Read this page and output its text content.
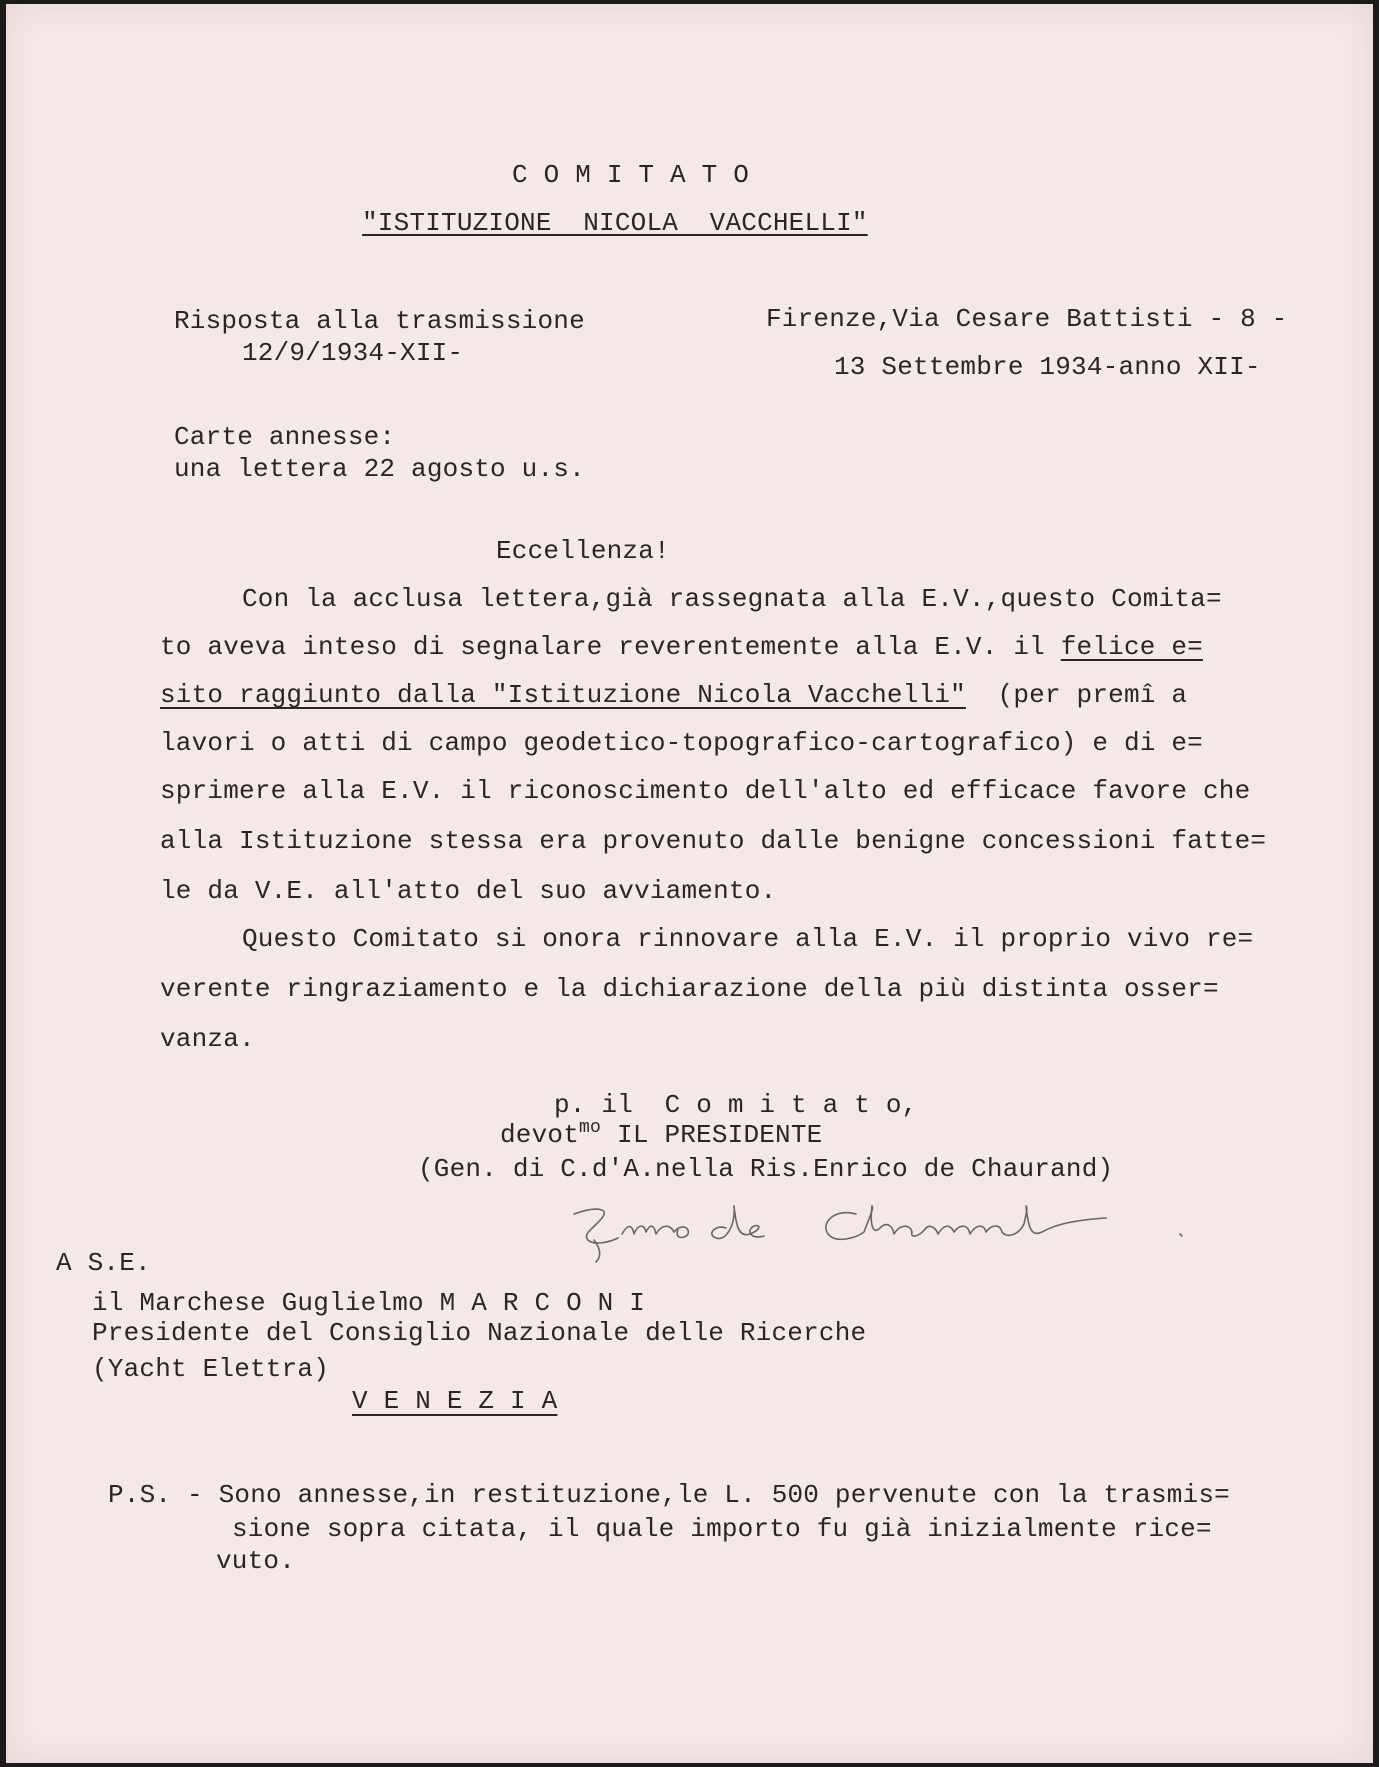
C O M I T A T O
"ISTITUZIONE  NICOLA  VACCHELLI"
Risposta alla trasmissione
12/9/1934-XII-
Firenze,Via Cesare Battisti - 8 -
13 Settembre 1934-anno XII-
Carte annesse:
una lettera 22 agosto u.s.
Eccellenza!
Con la acclusa lettera,già rassegnata alla E.V.,questo Comita=
to aveva inteso di segnalare reverentemente alla E.V. il felice e=
sito raggiunto dalla "Istituzione Nicola Vacchelli"  (per premî a
lavori o atti di campo geodetico-topografico-cartografico) e di e=
sprimere alla E.V. il riconoscimento dell'alto ed efficace favore che
alla Istituzione stessa era provenuto dalle benigne concessioni fatte=
le da V.E. all'atto del suo avviamento.
Questo Comitato si onora rinnovare alla E.V. il proprio vivo re=
verente ringraziamento e la dichiarazione della più distinta osser=
vanza.
p. il  C o m i t a t o,
devot$^{mo}$ IL PRESIDENTE
(Gen. di C.d'A.nella Ris.Enrico de Chaurand)
A S.E.
il Marchese Guglielmo M A R C O N I
Presidente del Consiglio Nazionale delle Ricerche
(Yacht Elettra)
V E N E Z I A
P.S. - Sono annesse,in restituzione,le L. 500 pervenute con la trasmis=
sione sopra citata, il quale importo fu già inizialmente rice=
vuto.
